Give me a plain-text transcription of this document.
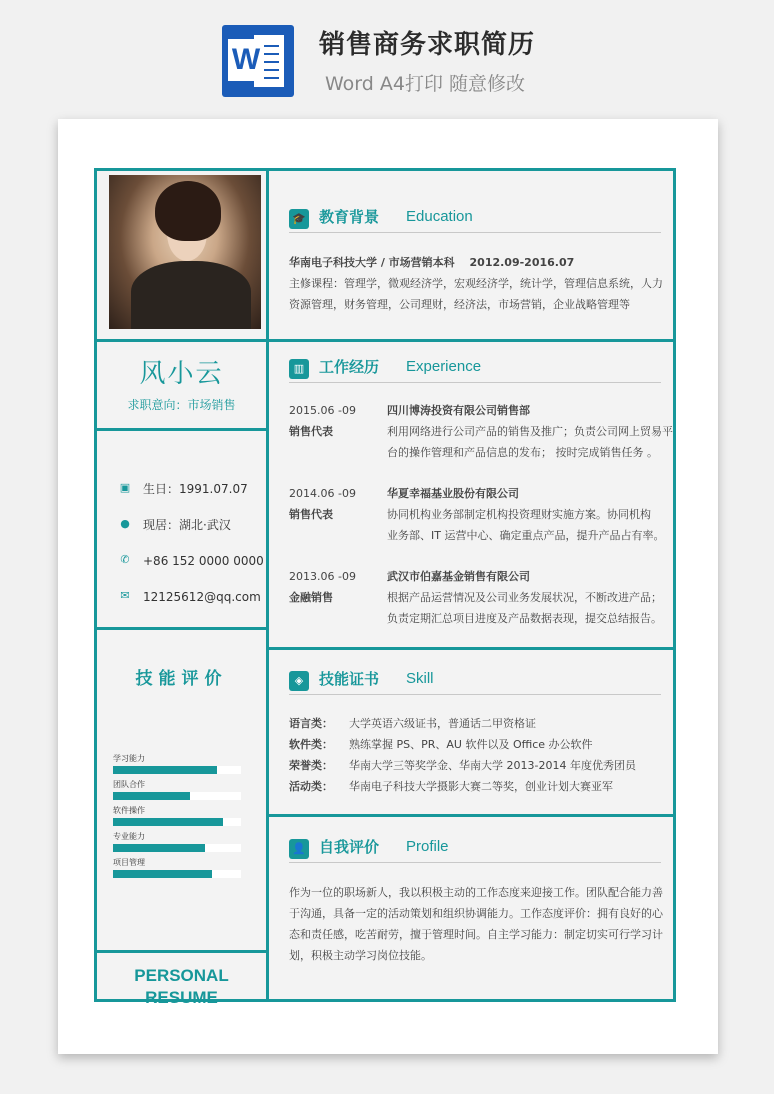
W 销售商务求职简历
Word A4打印 随意修改
风小云
求职意向：市场销售
▣ 生日：1991.07.07
● 现居：湖北·武汉
✆ +86 152 0000 0000
✉ 12125612@qq.com
技能评价
学习能力
团队合作
软件操作
专业能力
项目管理
PERSONAL RESUME
🎓 教育背景 Education
华南电子科技大学 / 市场营销本科　 2012.09-2016.07
主修课程：管理学，微观经济学，宏观经济学，统计学，管理信息系统，人力
资源管理，财务管理，公司理财，经济法，市场营销，企业战略管理等
▥ 工作经历 Experience
2015.06 -09	四川博涛投资有限公司销售部
销售代表	利用网络进行公司产品的销售及推广；负责公司网上贸易平
台的操作管理和产品信息的发布； 按时完成销售任务 。
2014.06 -09	华夏幸福基业股份有限公司
销售代表	协同机构业务部制定机构投资理财实施方案。协同机构
业务部、IT 运营中心、确定重点产品，提升产品占有率。
2013.06 -09	武汉市伯嘉基金销售有限公司
金融销售	根据产品运营情况及公司业务发展状况，不断改进产品；
负责定期汇总项目进度及产品数据表现，提交总结报告。
◈	技能证书 Skill
语言类： 大学英语六级证书，普通话二甲资格证
软件类： 熟练掌握 PS、PR、AU 软件以及 Office 办公软件
荣誉类： 华南大学三等奖学金、华南大学 2013-2014 年度优秀团员
活动类： 华南电子科技大学摄影大赛二等奖，创业计划大赛亚军
👤 自我评价 Profile
作为一位的职场新人，我以积极主动的工作态度来迎接工作。团队配合能力善
于沟通，具备一定的活动策划和组织协调能力。工作态度评价：拥有良好的心
态和责任感，吃苦耐劳，擅于管理时间。自主学习能力：制定切实可行学习计
划，积极主动学习岗位技能。
